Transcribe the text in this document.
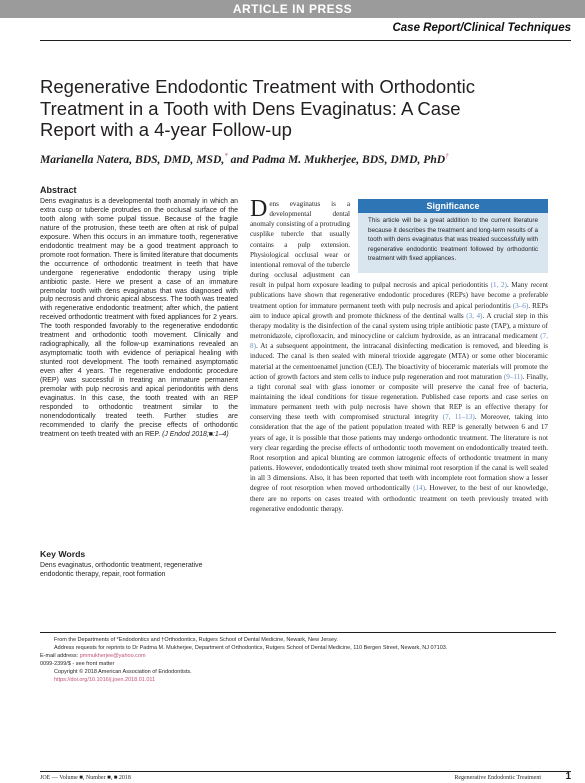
ARTICLE IN PRESS
Case Report/Clinical Techniques
Regenerative Endodontic Treatment with Orthodontic Treatment in a Tooth with Dens Evaginatus: A Case Report with a 4-year Follow-up
Marianella Natera, BDS, DMD, MSD,* and Padma M. Mukherjee, BDS, DMD, PhD†
Abstract

Dens evaginatus is a developmental tooth anomaly in which an extra cusp or tubercle protrudes on the occlusal surface of the tooth along with some pulpal tissue. Because of the fragile nature of the protrusion, these teeth are often at risk of pulpal exposure. When this occurs in an immature tooth, regenerative endodontic treatment may be a good treatment approach to promote root formation. There is limited literature that documents the occurrence of orthodontic treatment in teeth that have undergone regenerative endodontic therapy using triple antibiotic paste. Here we present a case of an immature premolar tooth with dens evaginatus that was diagnosed with pulp necrosis and chronic apical abscess. The tooth was treated with regenerative endodontic treatment; after which, the patient received orthodontic treatment with fixed appliances for 2 years. The tooth responded favorably to the regenerative endodontic treatment and orthodontic tooth movement. Clinically and radiographically, all the follow-up examinations revealed an asymptomatic tooth with evidence of periapical healing with stunted root development. The tooth remained asymptomatic even after 4 years. The regenerative endodontic procedure (REP) was successful in treating an immature permanent premolar with pulp necrosis and apical periodontitis with dens evaginatus. In this case, the tooth treated with an REP responded to orthodontic treatment similar to the nonendodontically treated teeth. Further studies are recommended to clarify the precise effects of orthodontic treatment on teeth treated with an REP. (J Endod 2018;■:1–4)

Key Words

Dens evaginatus, orthodontic treatment, regenerative endodontic therapy, repair, root formation

Significance
This article will be a great addition to the current literature because it describes the treatment and long-term results of a tooth with dens evaginatus that was treated successfully with regenerative endodontic treatment followed by orthodontic treatment with fixed appliances.

Dens evaginatus is a developmental dental anomaly consisting of a protruding cusplike tubercle that usually contains a pulp extension. Physiological occlusal wear or intentional removal of the tubercle during occlusal adjustment can result in pulpal horn exposure leading to pulpal necrosis and apical periodontitis (1, 2). Many recent publications have shown that regenerative endodontic procedures (REPs) have become a preferable treatment option for immature permanent teeth with pulp necrosis and apical periodontitis (3–6). REPs aim to induce apical growth and promote thickness of the dentinal walls (3, 4). A crucial step in this therapy modality is the disinfection of the canal system using triple antibiotic paste (TAP), a mixture of metronidazole, ciprofloxacin, and minocycline or calcium hydroxide, as an intracanal medicament (7, 8). At a subsequent appointment, the intracanal disinfecting medication is removed, and bleeding is induced. The canal is then sealed with mineral trioxide aggregate (MTA) or some other bioceramic material at the cementoenamel junction (CEJ). The bioactivity of bioceramic materials will promote the action of growth factors and stem cells to induce pulp regeneration and root maturation (9–11). Finally, a tight coronal seal with glass ionomer or composite will preserve the canal free of bacteria, maintaining the ideal conditions for tissue regeneration. Published case reports and case series on immature permanent teeth with pulp necrosis have shown that REP is an effective therapy for conserving these teeth with compromised structural integrity (7, 11–13). Moreover, taking into consideration that the age of the patient population treated with REP is generally between 6 and 17 years of age, it is possible that those patients may undergo orthodontic treatment. The literature is not very clear regarding the precise effects of orthodontic tooth movement on endodontically treated teeth. Root resorption and apical blunting are common iatrogenic effects of orthodontic treatment in many patients. However, endodontically treated teeth show minimal root resorption if the canal is well sealed in all 3 dimensions. Also, it has been reported that teeth with incomplete root formation show a lesser degree of root resorption when moved orthodontically (14). However, to the best of our knowledge, there are no reports on cases treated with orthodontic treatment on teeth previously treated with regenerative endodontic therapy.

From the Departments of *Endodontics and †Orthodontics, Rutgers School of Dental Medicine, Newark, New Jersey.
Address requests for reprints to Dr Padma M. Mukherjee, Department of Orthodontics, Rutgers School of Dental Medicine, 110 Bergen Street, Newark, NJ 07103.
E-mail address: pmmukherjee@yahoo.com
0099-2399/$ - see front matter
Copyright © 2018 American Association of Endodontists.
https://doi.org/10.1016/j.joen.2018.01.011
JOE — Volume ■, Number ■, ■ 2018	Regenerative Endodontic Treatment 1
